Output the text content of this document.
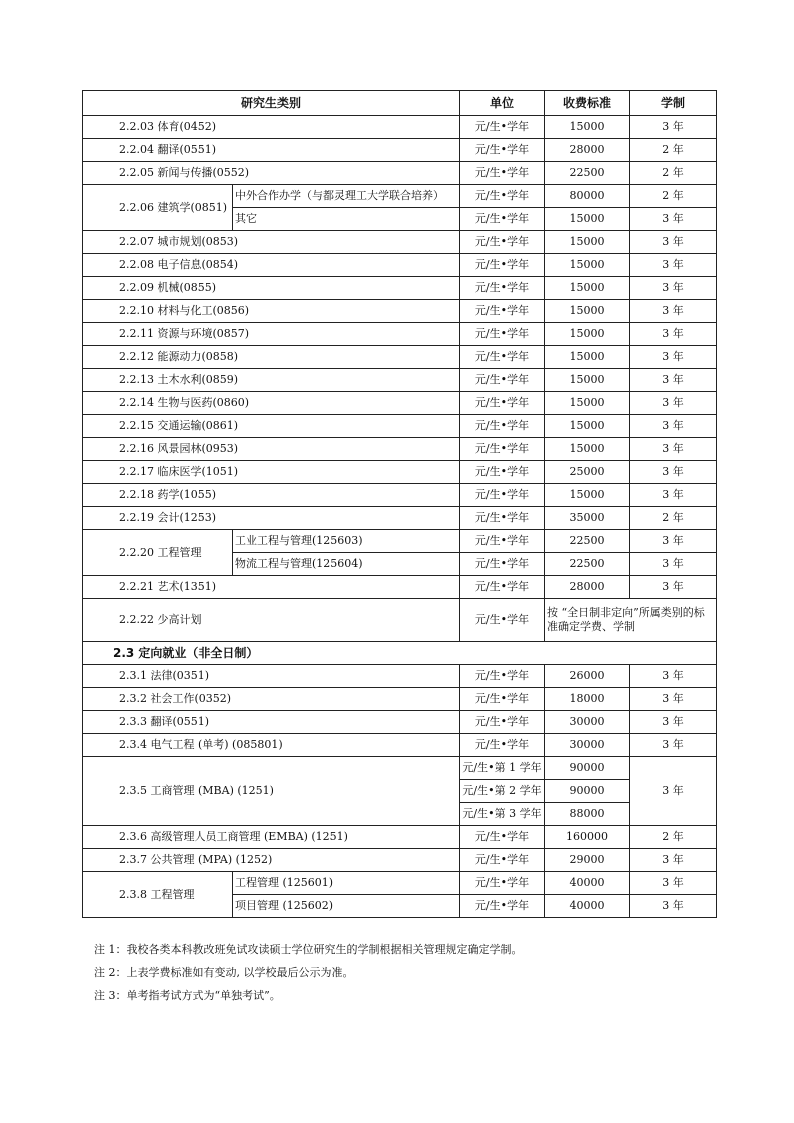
研究生类别		单位	收费标准	学制
2.2.03 体育(0452)		元/生•学年	15000	3 年
2.2.04 翻译(0551)		元/生•学年	28000	2 年
2.2.05 新闻与传播(0552)		元/生•学年	22500	2 年
2.2.06 建筑学(0851)	中外合作办学（与都灵理工大学联合培养）	元/生•学年	80000	2 年
	其它	元/生•学年	15000	3 年
2.2.07 城市规划(0853)		元/生•学年	15000	3 年
2.2.08 电子信息(0854)		元/生•学年	15000	3 年
2.2.09 机械(0855)		元/生•学年	15000	3 年
2.2.10 材料与化工(0856)		元/生•学年	15000	3 年
2.2.11 资源与环境(0857)		元/生•学年	15000	3 年
2.2.12 能源动力(0858)		元/生•学年	15000	3 年
2.2.13 土木水利(0859)		元/生•学年	15000	3 年
2.2.14 生物与医药(0860)		元/生•学年	15000	3 年
2.2.15 交通运输(0861)		元/生•学年	15000	3 年
2.2.16 风景园林(0953)		元/生•学年	15000	3 年
2.2.17 临床医学(1051)		元/生•学年	25000	3 年
2.2.18 药学(1055)		元/生•学年	15000	3 年
2.2.19 会计(1253)		元/生•学年	35000	2 年
2.2.20 工程管理	工业工程与管理(125603)	元/生•学年	22500	3 年
	物流工程与管理(125604)	元/生•学年	22500	3 年
2.2.21 艺术(1351)		元/生•学年	28000	3 年
2.2.22 少高计划		元/生•学年	按 “全日制非定向”所属类别的标准确定学费、学制	
2.3 定向就业（非全日制）				
2.3.1 法律(0351)		元/生•学年	26000	3 年
2.3.2 社会工作(0352)		元/生•学年	18000	3 年
2.3.3 翻译(0551)		元/生•学年	30000	3 年
2.3.4 电气工程 (单考) (085801)		元/生•学年	30000	3 年
2.3.5 工商管理 (MBA) (1251)		元/生•第 1 学年	90000	3 年
		元/生•第 2 学年	90000	
		元/生•第 3 学年	88000	
2.3.6 高级管理人员工商管理 (EMBA) (1251)		元/生•学年	160000	2 年
2.3.7 公共管理 (MPA) (1252)		元/生•学年	29000	3 年
2.3.8 工程管理	工程管理 (125601)	元/生•学年	40000	3 年
	项目管理 (125602)	元/生•学年	40000	3 年
注 1：我校各类本科教改班免试攻读硕士学位研究生的学制根据相关管理规定确定学制。
注 2：上表学费标准如有变动, 以学校最后公示为准。
注 3：单考指考试方式为“单独考试”。
